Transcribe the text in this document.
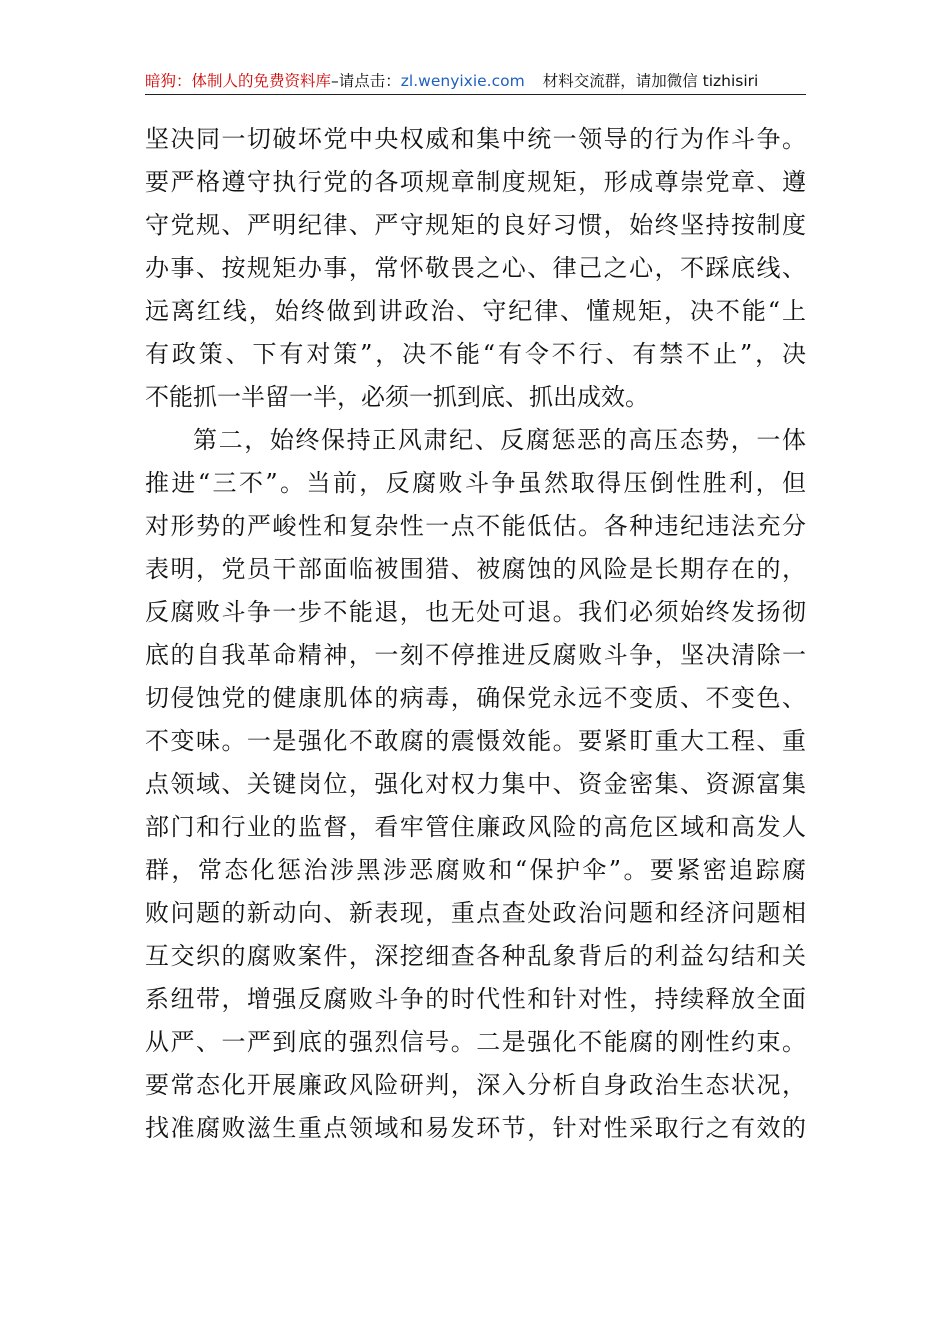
暗狗：体制人的免费资料库–请点击：zl.wenyixie.com 材料交流群，请加微信 tizhisiri
坚决同一切破坏党中央权威和集中统一领导的行为作斗争。
要严格遵守执行党的各项规章制度规矩，形成尊崇党章、遵
守党规、严明纪律、严守规矩的良好习惯，始终坚持按制度
办事、按规矩办事，常怀敬畏之心、律己之心，不踩底线、
远离红线，始终做到讲政治、守纪律、懂规矩，决不能“上
有政策、下有对策”，决不能“有令不行、有禁不止”，决
不能抓一半留一半，必须一抓到底、抓出成效。
第二，始终保持正风肃纪、反腐惩恶的高压态势，一体
推进“三不”。当前，反腐败斗争虽然取得压倒性胜利，但
对形势的严峻性和复杂性一点不能低估。各种违纪违法充分
表明，党员干部面临被围猎、被腐蚀的风险是长期存在的，
反腐败斗争一步不能退，也无处可退。我们必须始终发扬彻
底的自我革命精神，一刻不停推进反腐败斗争，坚决清除一
切侵蚀党的健康肌体的病毒，确保党永远不变质、不变色、
不变味。一是强化不敢腐的震慑效能。要紧盯重大工程、重
点领域、关键岗位，强化对权力集中、资金密集、资源富集
部门和行业的监督，看牢管住廉政风险的高危区域和高发人
群，常态化惩治涉黑涉恶腐败和“保护伞”。要紧密追踪腐
败问题的新动向、新表现，重点查处政治问题和经济问题相
互交织的腐败案件，深挖细查各种乱象背后的利益勾结和关
系纽带，增强反腐败斗争的时代性和针对性，持续释放全面
从严、一严到底的强烈信号。二是强化不能腐的刚性约束。
要常态化开展廉政风险研判，深入分析自身政治生态状况，
找准腐败滋生重点领域和易发环节，针对性采取行之有效的
